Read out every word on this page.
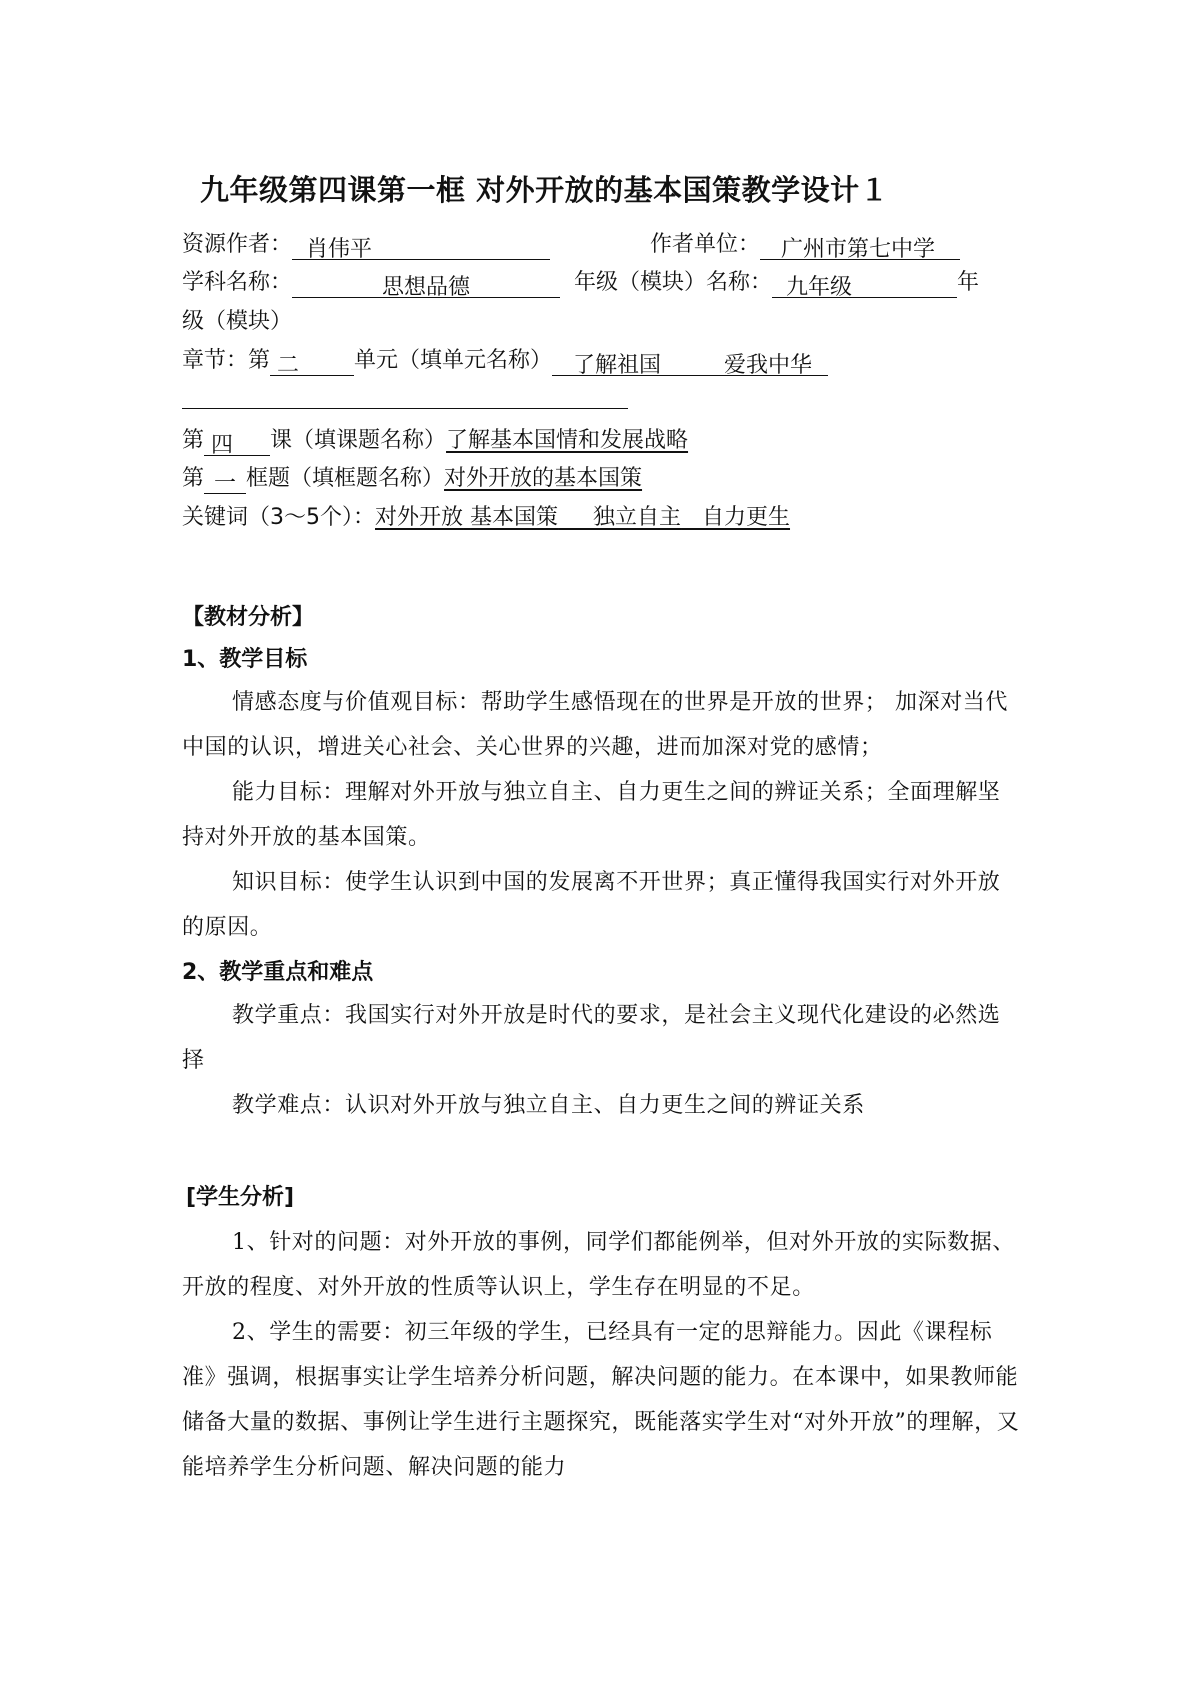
九年级第四课第一框 对外开放的基本国策教学设计１
资源作者： 肖伟平	作者单位： 广州市第七中学
学科名称：	思想品德	年级（模块）名称： 九年级	年
级（模块）
章节：第 二 单元（填单元名称） 了解祖国	爱我中华
第 四 课（填课题名称）了解基本国情和发展战略
第 一 框题（填框题名称）对外开放的基本国策
关键词（3～5个）：对外开放 基本国策 独立自主 自力更生
【教材分析】
1、教学目标
情感态度与价值观目标：帮助学生感悟现在的世界是开放的世界； 加深对当代中国的认识，增进关心社会、关心世界的兴趣，进而加深对党的感情；
能力目标：理解对外开放与独立自主、自力更生之间的辨证关系；全面理解坚持对外开放的基本国策。
知识目标：使学生认识到中国的发展离不开世界；真正懂得我国实行对外开放的原因。
2、教学重点和难点
教学重点：我国实行对外开放是时代的要求，是社会主义现代化建设的必然选择
教学难点：认识对外开放与独立自主、自力更生之间的辨证关系
[学生分析]
1、针对的问题：对外开放的事例，同学们都能例举，但对外开放的实际数据、开放的程度、对外开放的性质等认识上，学生存在明显的不足。
2、学生的需要：初三年级的学生，已经具有一定的思辩能力。因此《课程标准》强调，根据事实让学生培养分析问题，解决问题的能力。在本课中，如果教师能储备大量的数据、事例让学生进行主题探究，既能落实学生对“对外开放”的理解，又能培养学生分析问题、解决问题的能力
